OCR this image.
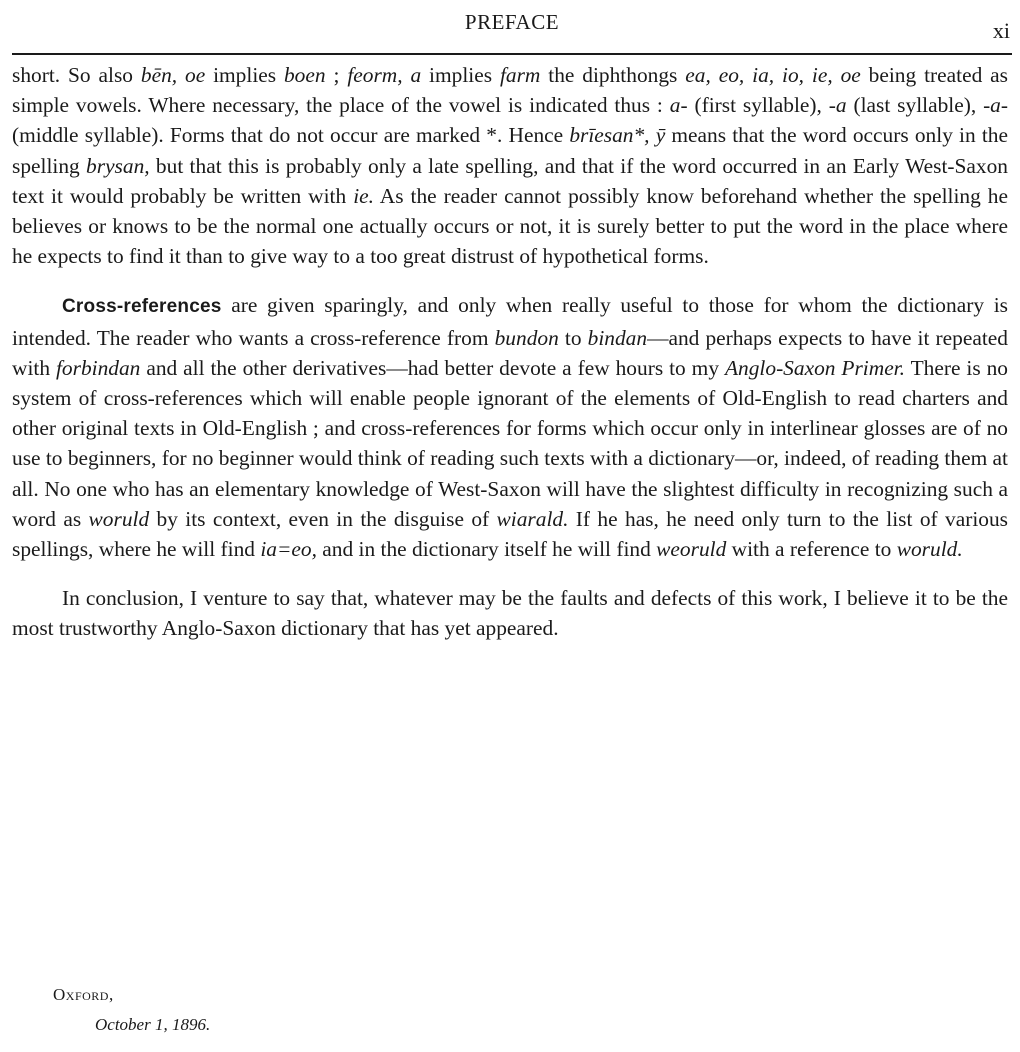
PREFACE	xi

short. So also bēn, oe implies boen ; feorm, a implies farm the diphthongs ea, eo, ia, io, ie, oe being treated as simple vowels. Where necessary, the place of the vowel is indicated thus : a- (first syllable), -a (last syllable), -a- (middle syllable). Forms that do not occur are marked *. Hence brīesan*, ȳ means that the word occurs only in the spelling brysan, but that this is probably only a late spelling, and that if the word occurred in an Early West-Saxon text it would probably be written with ie. As the reader cannot possibly know beforehand whether the spelling he believes or knows to be the normal one actually occurs or not, it is surely better to put the word in the place where he expects to find it than to give way to a too great distrust of hypothetical forms.

Cross-references are given sparingly, and only when really useful to those for whom the dictionary is intended. The reader who wants a cross-reference from bundon to bindan—and perhaps expects to have it repeated with forbindan and all the other derivatives—had better devote a few hours to my Anglo-Saxon Primer. There is no system of cross-references which will enable people ignorant of the elements of Old-English to read charters and other original texts in Old-English ; and cross-references for forms which occur only in interlinear glosses are of no use to beginners, for no beginner would think of reading such texts with a dictionary—or, indeed, of reading them at all. No one who has an elementary knowledge of West-Saxon will have the slightest difficulty in recognizing such a word as woruld by its context, even in the disguise of wiarald. If he has, he need only turn to the list of various spellings, where he will find ia=eo, and in the dictionary itself he will find weoruld with a reference to woruld.

In conclusion, I venture to say that, whatever may be the faults and defects of this work, I believe it to be the most trustworthy Anglo-Saxon dictionary that has yet appeared.

Oxford,
October 1, 1896.
